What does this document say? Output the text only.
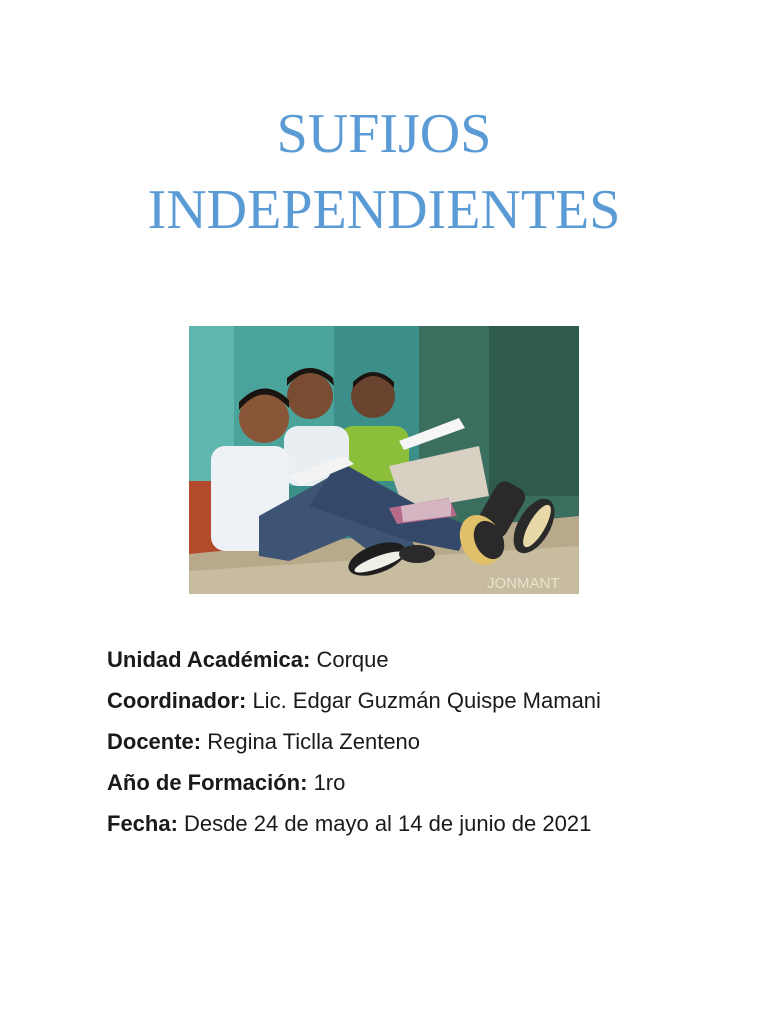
SUFIJOS
INDEPENDIENTES
JONMANT
Unidad Académica: Corque
Coordinador: Lic. Edgar Guzmán Quispe Mamani
Docente: Regina Ticlla Zenteno
Año de Formación: 1ro
Fecha: Desde 24 de mayo al 14 de junio de 2021
